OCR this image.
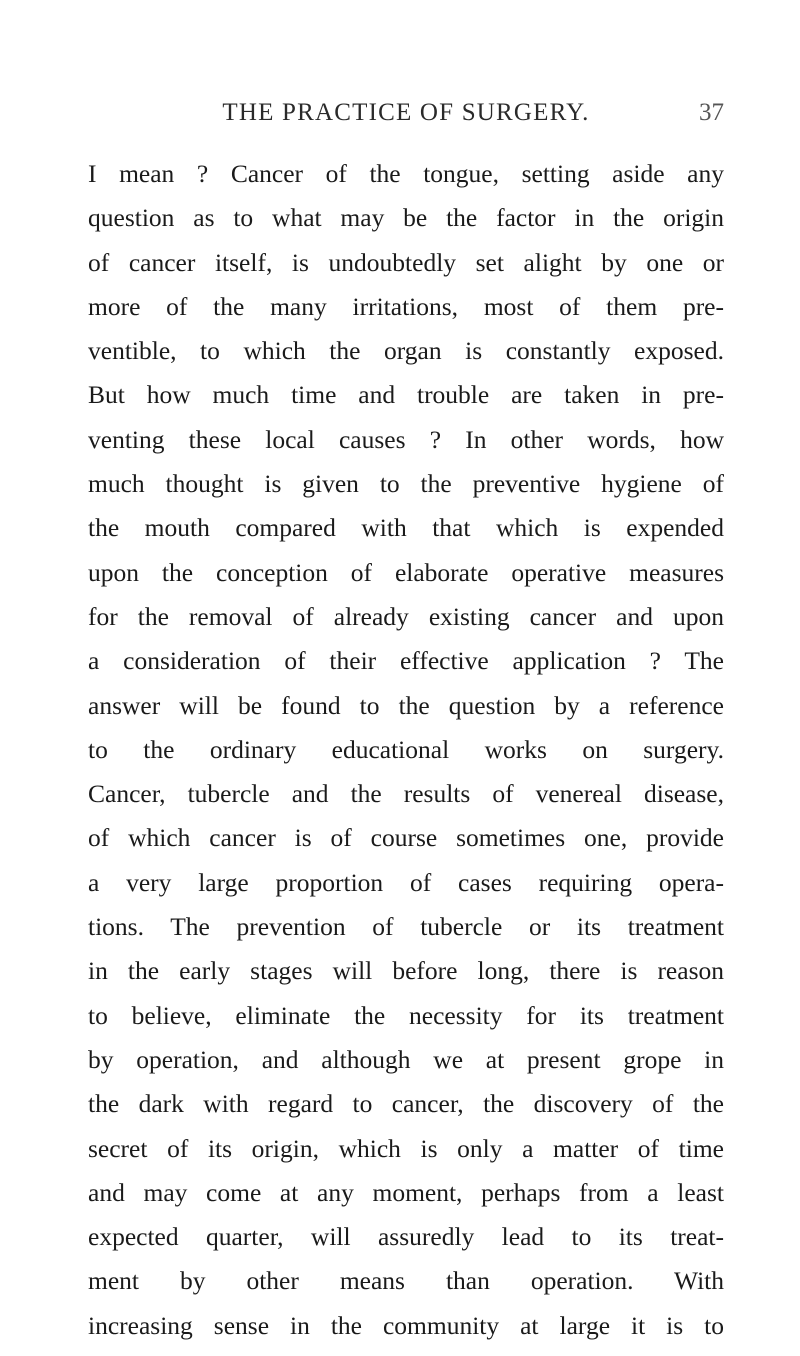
THE PRACTICE OF SURGERY.	37
I mean ? Cancer of the tongue, setting aside any
question as to what may be the factor in the origin
of cancer itself, is undoubtedly set alight by one or
more of the many irritations, most of them pre-
ventible, to which the organ is constantly exposed.
But how much time and trouble are taken in pre-
venting these local causes ? In other words, how
much thought is given to the preventive hygiene of
the mouth compared with that which is expended
upon the conception of elaborate operative measures
for the removal of already existing cancer and upon
a consideration of their effective application ? The
answer will be found to the question by a reference
to the ordinary educational works on surgery.
Cancer, tubercle and the results of venereal disease,
of which cancer is of course sometimes one, provide
a very large proportion of cases requiring opera-
tions. The prevention of tubercle or its treatment
in the early stages will before long, there is reason
to believe, eliminate the necessity for its treatment
by operation, and although we at present grope in
the dark with regard to cancer, the discovery of the
secret of its origin, which is only a matter of time
and may come at any moment, perhaps from a least
expected quarter, will assuredly lead to its treat-
ment by other means than operation. With
increasing sense in the community at large it is to
